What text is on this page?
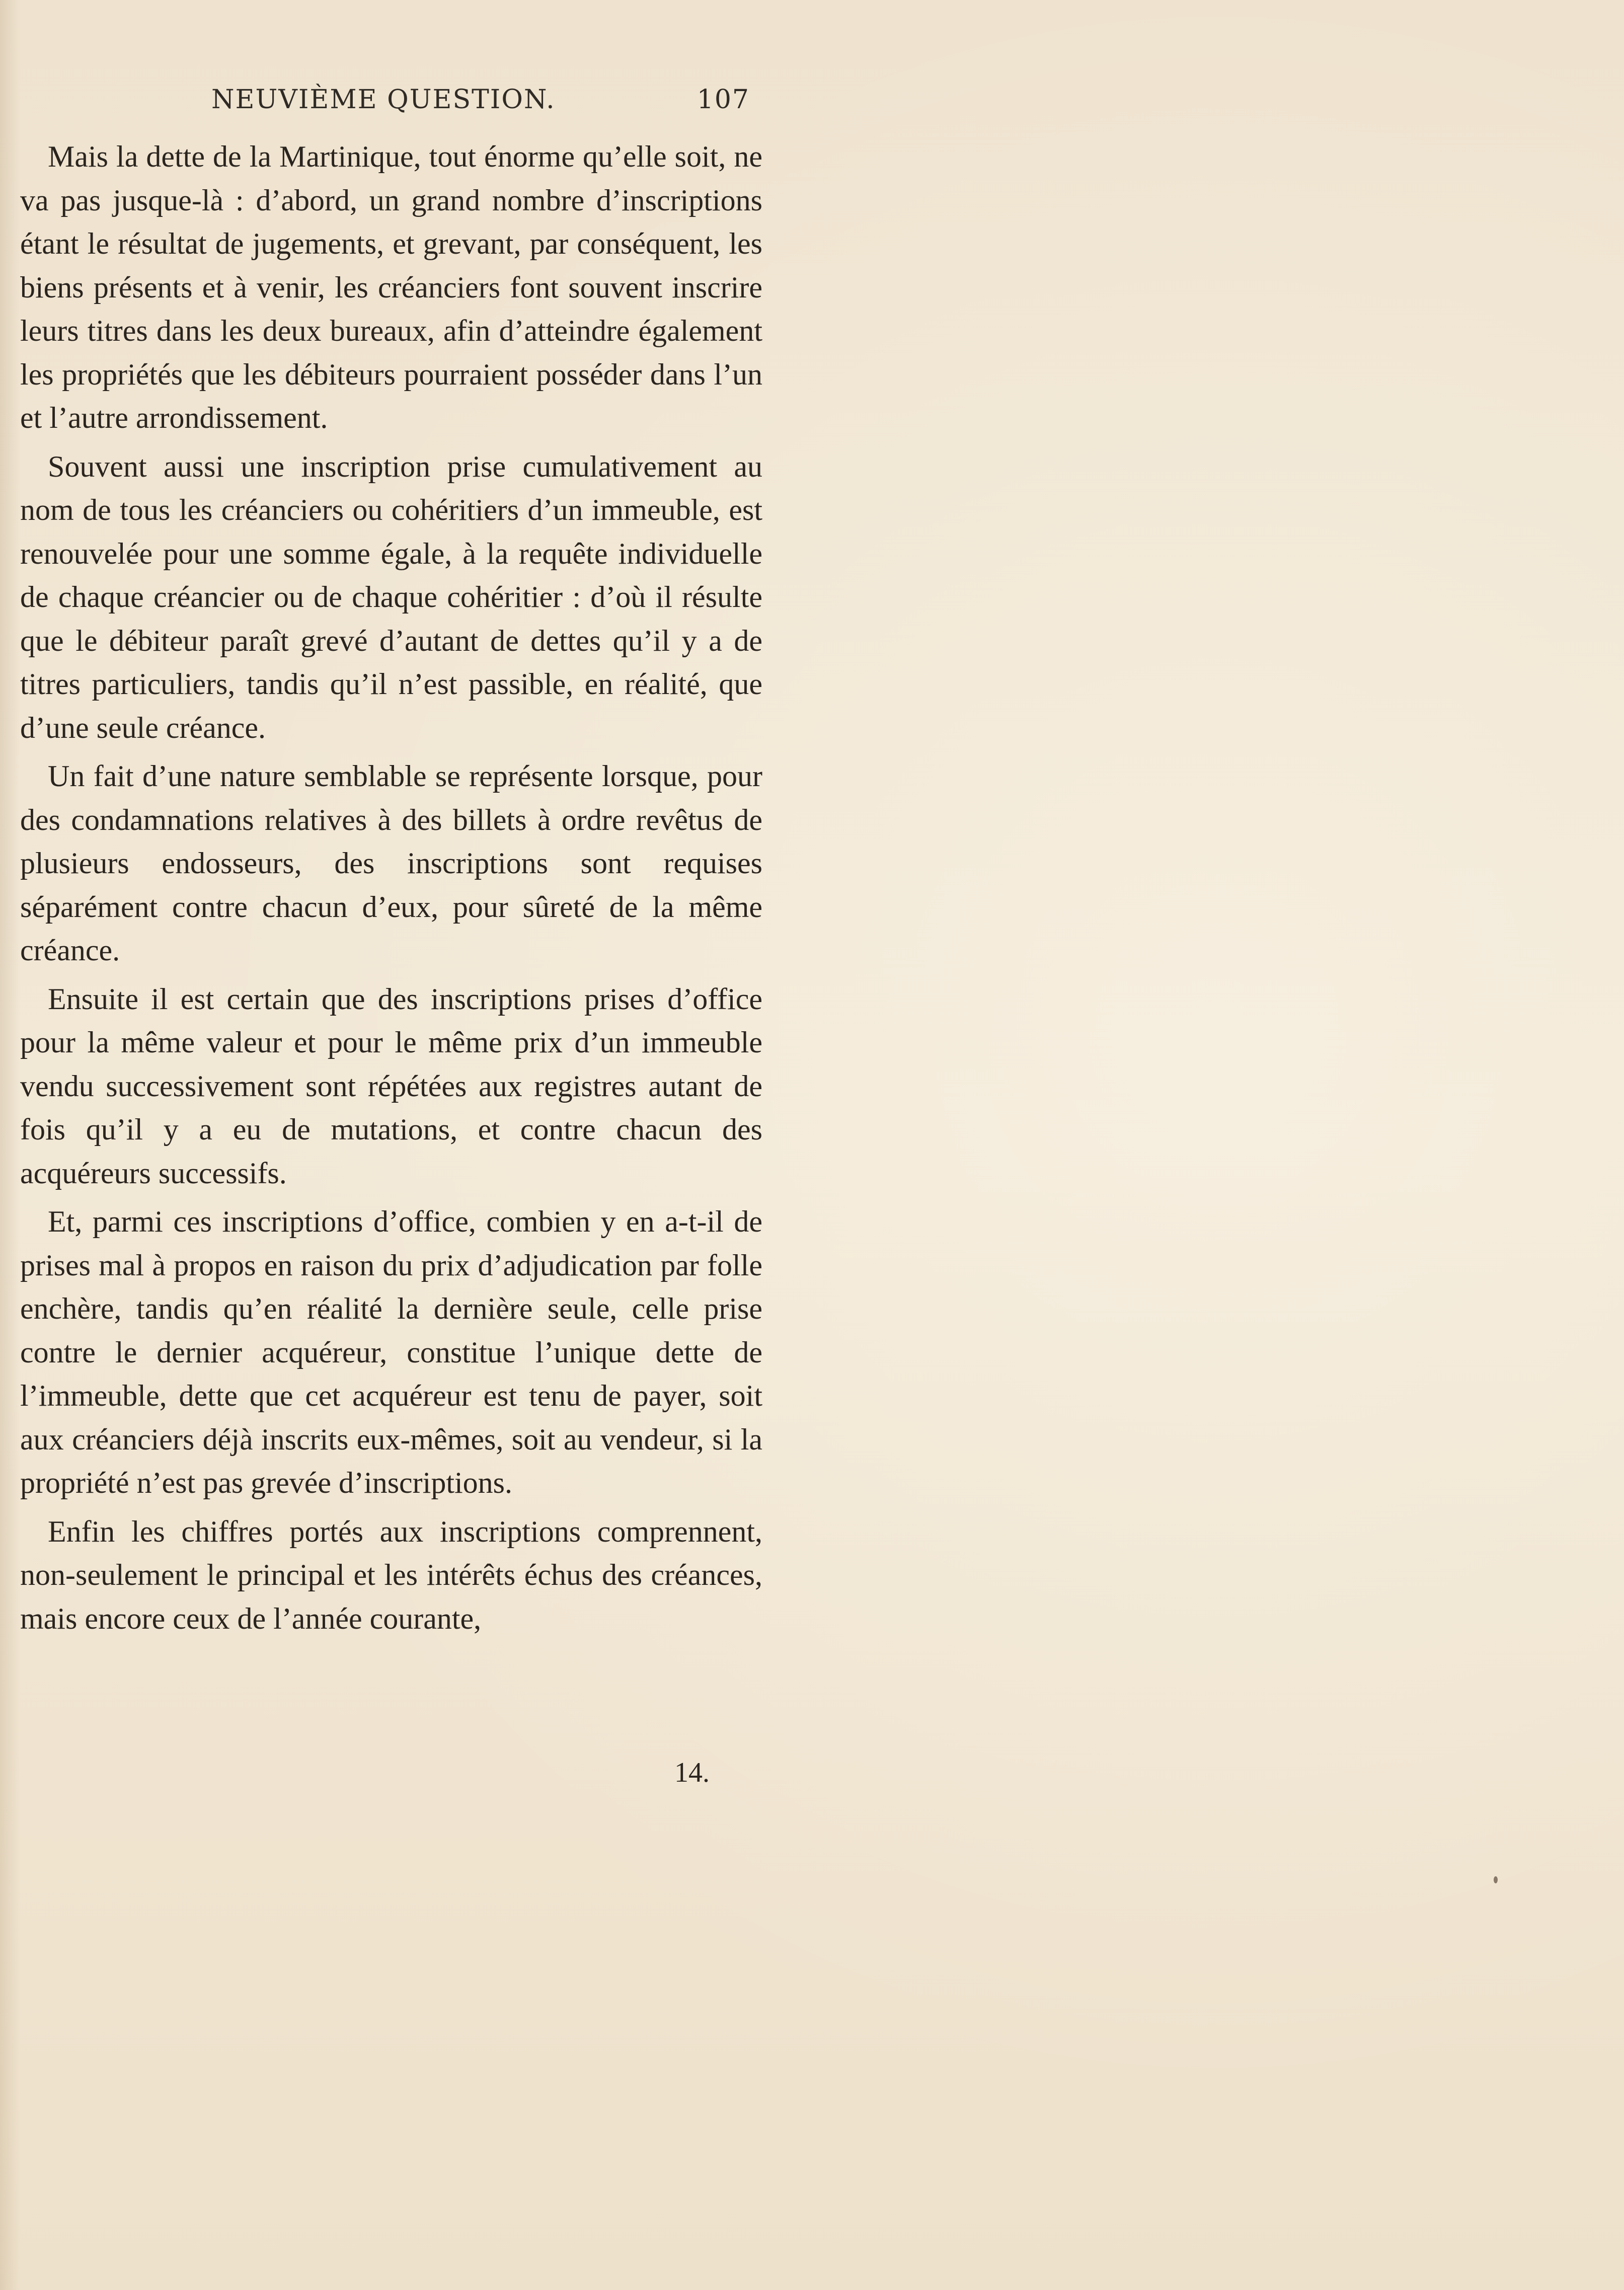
NEUVIÈME QUESTION.	107

Mais la dette de la Martinique, tout énorme qu’elle soit, ne va pas jusque-là : d’abord, un grand nombre d’inscriptions étant le résultat de jugements, et grevant, par conséquent, les biens présents et à venir, les créanciers font souvent inscrire leurs titres dans les deux bureaux, afin d’atteindre également les propriétés que les débiteurs pourraient posséder dans l’un et l’autre arrondissement.

Souvent aussi une inscription prise cumulativement au nom de tous les créanciers ou cohéritiers d’un immeuble, est renouvelée pour une somme égale, à la requête individuelle de chaque créancier ou de chaque cohéritier : d’où il résulte que le débiteur paraît grevé d’autant de dettes qu’il y a de titres particuliers, tandis qu’il n’est passible, en réalité, que d’une seule créance.

Un fait d’une nature semblable se représente lorsque, pour des condamnations relatives à des billets à ordre revêtus de plusieurs endosseurs, des inscriptions sont requises séparément contre chacun d’eux, pour sûreté de la même créance.

Ensuite il est certain que des inscriptions prises d’office pour la même valeur et pour le même prix d’un immeuble vendu successivement sont répétées aux registres autant de fois qu’il y a eu de mutations, et contre chacun des acquéreurs successifs.

Et, parmi ces inscriptions d’office, combien y en a-t-il de prises mal à propos en raison du prix d’adjudication par folle enchère, tandis qu’en réalité la dernière seule, celle prise contre le dernier acquéreur, constitue l’unique dette de l’immeuble, dette que cet acquéreur est tenu de payer, soit aux créanciers déjà inscrits eux-mêmes, soit au vendeur, si la propriété n’est pas grevée d’inscriptions.

Enfin les chiffres portés aux inscriptions comprennent, non-seulement le principal et les intérêts échus des créances, mais encore ceux de l’année courante,

14.
